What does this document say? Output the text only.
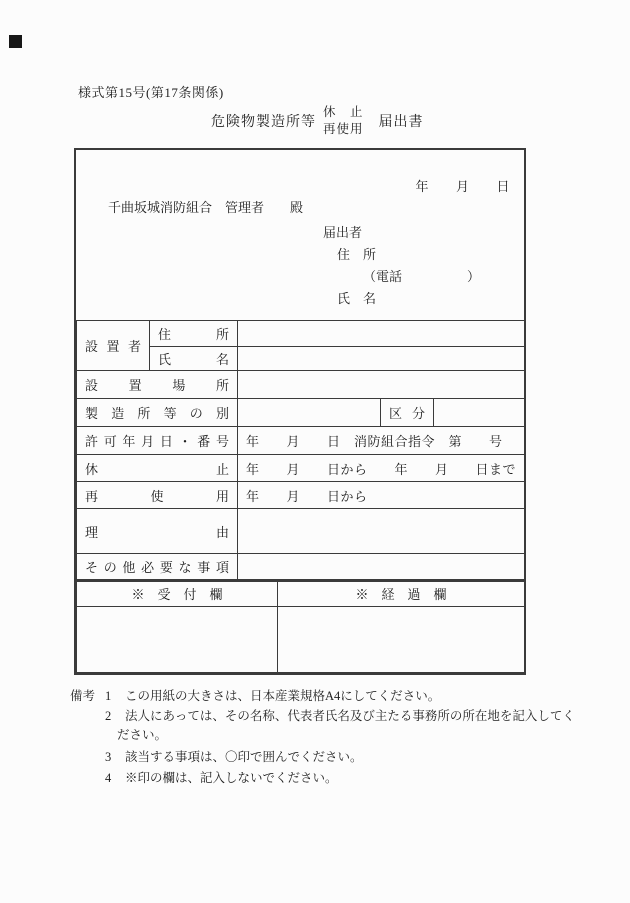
様式第15号(第17条関係)
危険物製造所等
休　止
再使用 届出書
年　　月　　日
千曲坂城消防組合　管理者　　殿
届出者
住　所
（電話　　　　　）
氏　名
設置者	住所			
	氏名			
設置場所				
製造所等の別			区分	
許可年月日・番号		年　　月　　日　消防組合指令　第　　号		
休止		年　　月　　日から　　年　　月　　日まで		
再使用		年　　月　　日から		
理由				
その他必要な事項				
※　受　付　欄	※　経　過　欄

備考 1	この用紙の大きさは、日本産業規格A4にしてください。
2	法人にあっては、その名称、代表者氏名及び主たる事務所の所在地を記入してく
ださい。
3	該当する事項は、〇印で囲んでください。
4	※印の欄は、記入しないでください。
